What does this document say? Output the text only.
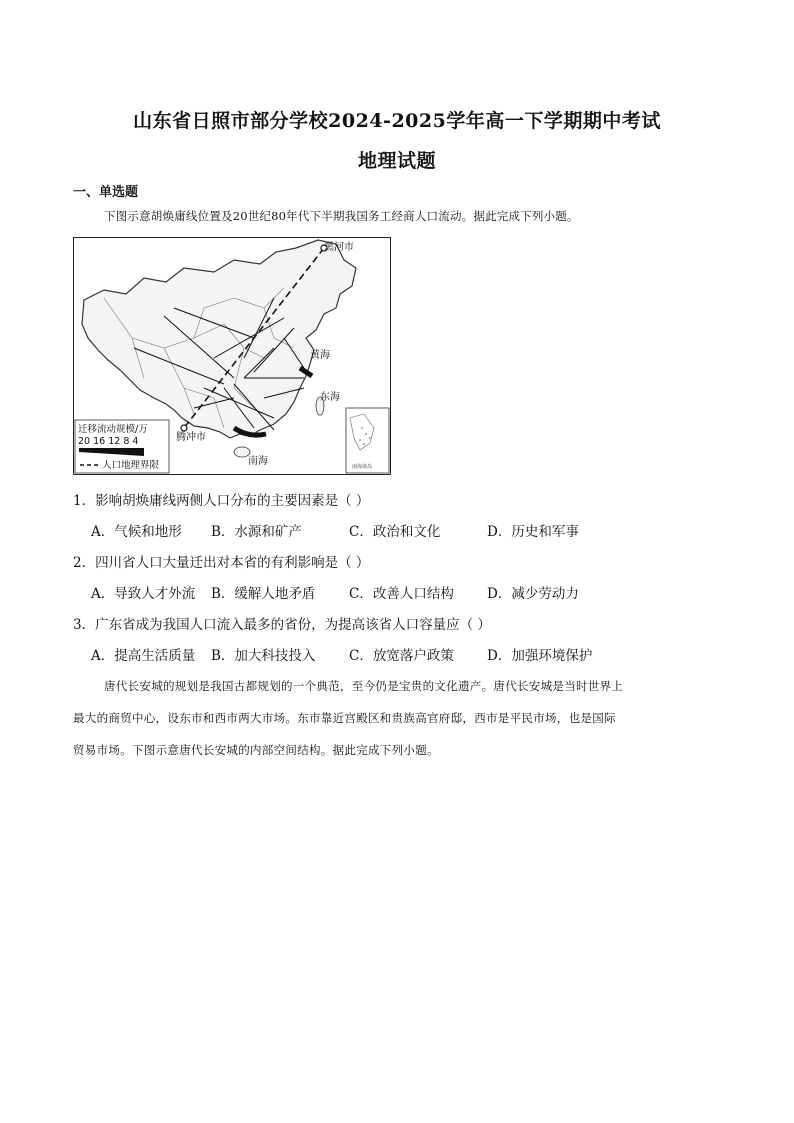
山东省日照市部分学校2024-2025学年高一下学期期中考试
地理试题
一、单选题
下图示意胡焕庸线位置及20世纪80年代下半期我国务工经商人口流动。据此完成下列小题。
黑河市
黄海
东海
南海
腾冲市
迁移流动规模/万
20 16 12 8 4
人口地理界限	南海诸岛
1．影响胡焕庸线两侧人口分布的主要因素是（ ）
A．气候和地形 B．水源和矿产	C．政治和文化	D．历史和军事
2．四川省人口大量迁出对本省的有利影响是（ ）
A．导致人才外流 B．缓解人地矛盾 C．改善人口结构 D．减少劳动力
3．广东省成为我国人口流入最多的省份，为提高该省人口容量应（ ）
A．提高生活质量 B．加大科技投入 C．放宽落户政策 D．加强环境保护
唐代长安城的规划是我国古都规划的一个典范，至今仍是宝贵的文化遗产。唐代长安城是当时世界上
最大的商贸中心，设东市和西市两大市场。东市靠近宫殿区和贵族高官府邸，西市是平民市场，也是国际
贸易市场。下图示意唐代长安城的内部空间结构。据此完成下列小题。
